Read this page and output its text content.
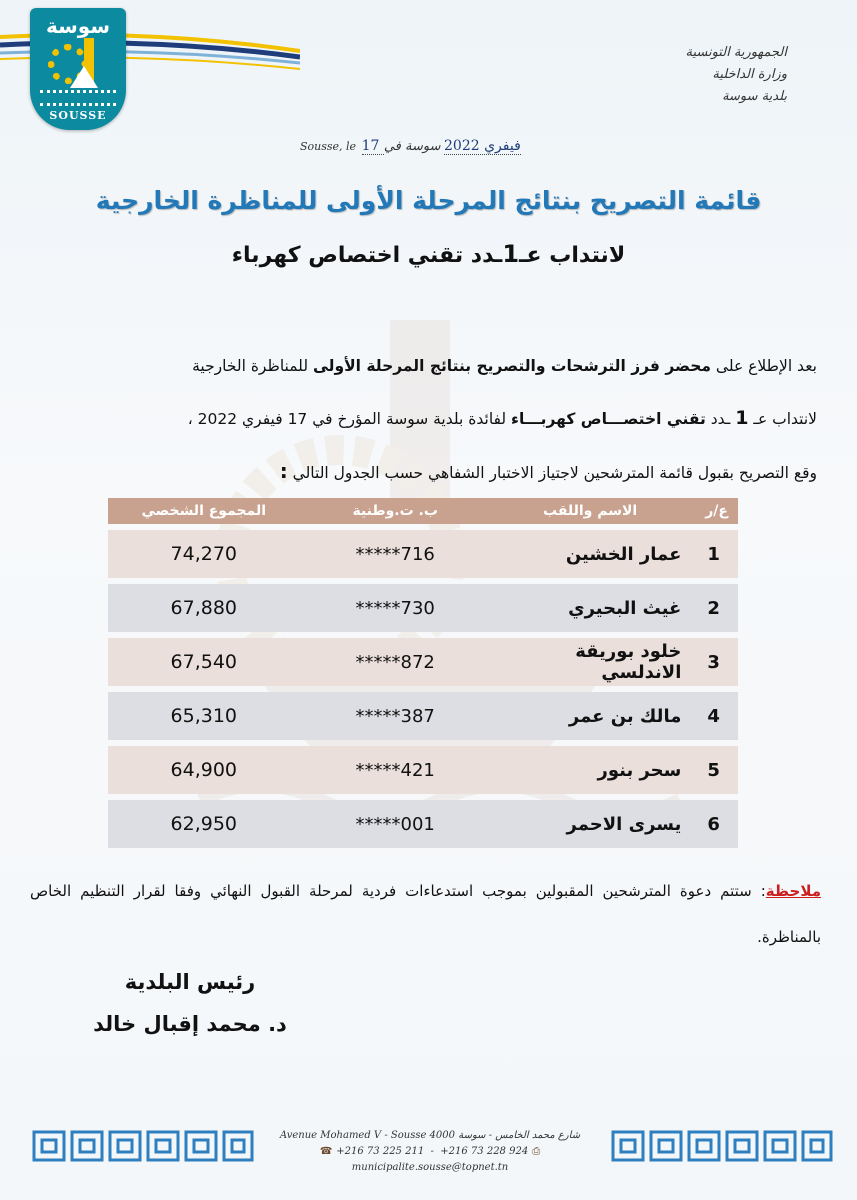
سوسة
SOUSSE
الجمهورية التونسية
وزارة الداخلية
بلدية سوسة
Sousse, le 17 فيفري 2022 سوسة في
قائمة التصريح بنتائج المرحلة الأولى للمناظرة الخارجية
لانتداب عـ1ـدد تقني اختصاص كهرباء
بعد الإطلاع على محضر فرز الترشحات والتصريح بنتائج المرحلة الأولى للمناظرة الخارجية
لانتداب عـ 1 ـدد تقني اختصـــاص كهربـــاء لفائدة بلدية سوسة المؤرخ في 17 فيفري 2022 ،
وقع التصريح بقبول قائمة المترشحين لاجتياز الاختبار الشفاهي حسب الجدول التالي :
ع/ر	الاسم واللقب	ب. ت.وطنية	المجموع الشخصي
1	عمار الخشين	*****716	74,270
2	غيث البحيري	*****730	67,880
3	خلود بوريقة الاندلسي	*****872	67,540
4	مالك بن عمر	*****387	65,310
5	سحر بنور	*****421	64,900
6	يسرى الاحمر	*****001	62,950
ملاحظة: ستتم دعوة المترشحين المقبولين بموجب استدعاءات فردية لمرحلة القبول النهائي وفقا لقرار التنظيم الخاص بالمناظرة.
رئيس البلدية
د. محمد إقبال خالد
Avenue Mohamed V - Sousse 4000 شارع محمد الخامس - سوسة
☎ +216 73 225 211  -  +216 73 228 924 ⎙
municipalite.sousse@topnet.tn
